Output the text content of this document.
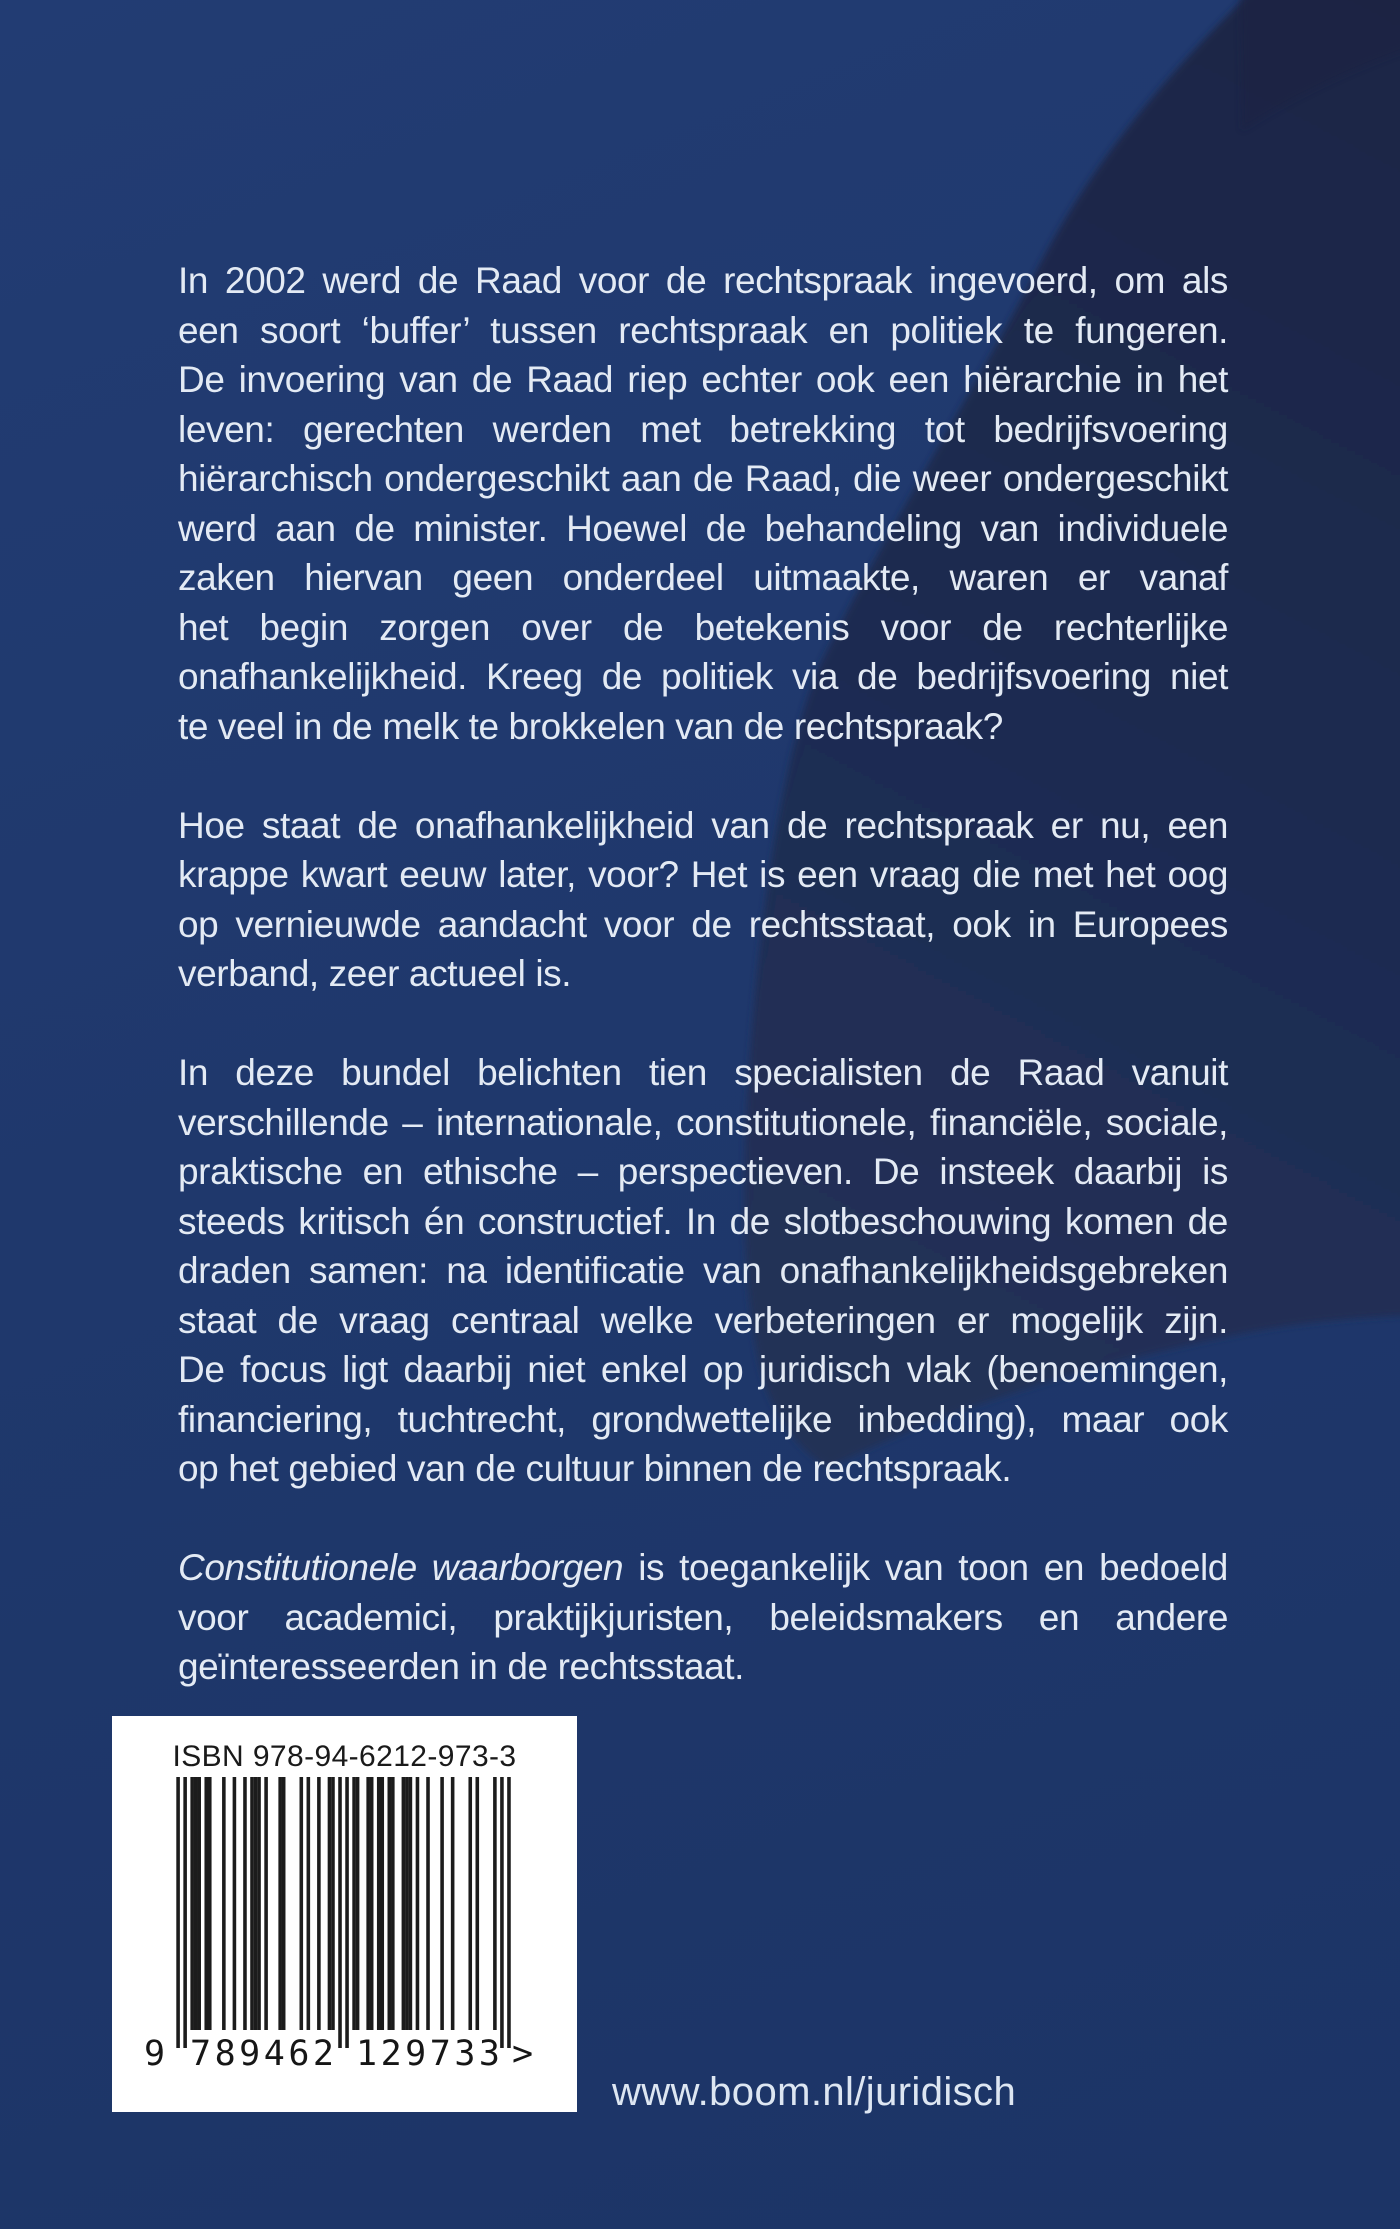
In 2002 werd de Raad voor de rechtspraak ingevoerd, om als
een soort ‘buffer’ tussen rechtspraak en politiek te fungeren.
De invoering van de Raad riep echter ook een hiërarchie in het
leven: gerechten werden met betrekking tot bedrijfsvoering
hiërarchisch ondergeschikt aan de Raad, die weer ondergeschikt
werd aan de minister. Hoewel de behandeling van individuele
zaken hiervan geen onderdeel uitmaakte, waren er vanaf
het begin zorgen over de betekenis voor de rechterlijke
onafhankelijkheid. Kreeg de politiek via de bedrijfsvoering niet
te veel in de melk te brokkelen van de rechtspraak?
Hoe staat de onafhankelijkheid van de rechtspraak er nu, een
krappe kwart eeuw later, voor? Het is een vraag die met het oog
op vernieuwde aandacht voor de rechtsstaat, ook in Europees
verband, zeer actueel is.
In deze bundel belichten tien specialisten de Raad vanuit
verschillende – internationale, constitutionele, financiële, sociale,
praktische en ethische – perspectieven. De insteek daarbij is
steeds kritisch én constructief. In de slotbeschouwing komen de
draden samen: na identificatie van onafhankelijkheidsgebreken
staat de vraag centraal welke verbeteringen er mogelijk zijn.
De focus ligt daarbij niet enkel op juridisch vlak (benoemingen,
financiering, tuchtrecht, grondwettelijke inbedding), maar ook
op het gebied van de cultuur binnen de rechtspraak.
Constitutionele waarborgen is toegankelijk van toon en bedoeld
voor academici, praktijkjuristen, beleidsmakers en andere
geïnteresseerden in de rechtsstaat.
ISBN 978-94-6212-973-3
9 7 8 9 4 6 2 1 2 9 7 3 3 >
www.boom.nl/juridisch
